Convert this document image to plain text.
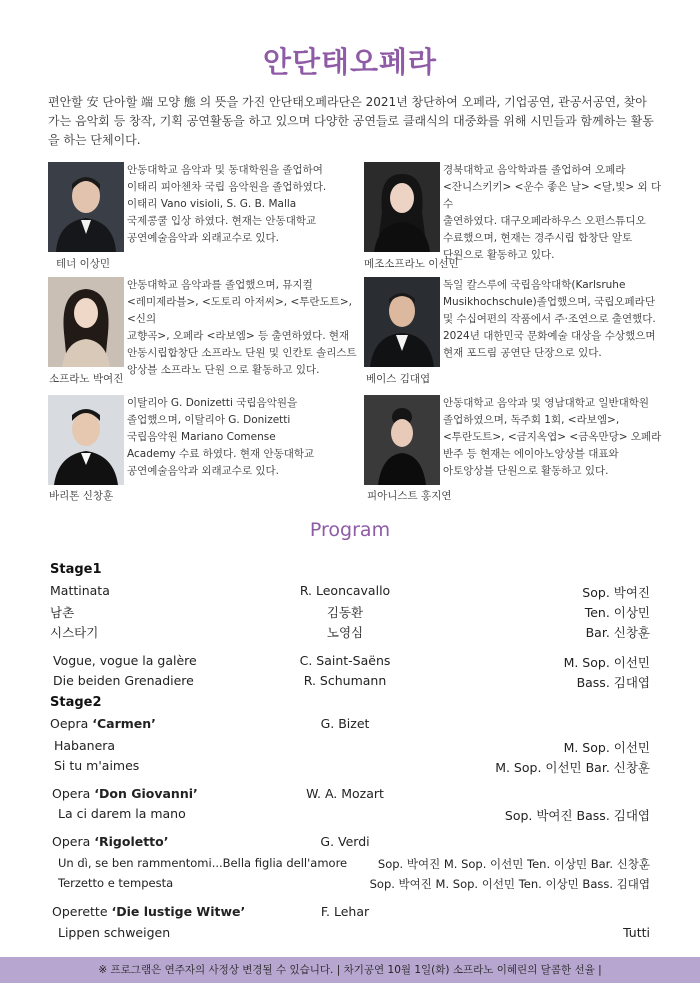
안단태오페라
편안할 安 단아할 端 모양 態 의 뜻을 가진 안단태오페라단은 2021년 창단하여 오페라, 기업공연, 관공서공연, 찾아가는 음악회 등 창작, 기획 공연활동을 하고 있으며 다양한 공연들로 클래식의 대중화를 위해 시민들과 함께하는 활동을 하는 단체이다.
안동대학교 음악과 및 동대학원을 졸업하여
이태리 피아첸차 국립 음악원을 졸업하였다.
이태리 Vano visioli, S. G. B. Malla
국제콩쿨 입상 하였다. 현재는 안동대학교
공연예술음악과 외래교수로 있다.
테너 이상민
경북대학교 음악학과를 졸업하여 오페라
<잔니스키키> <운수 좋은 날> <달,빛> 외 다수
출연하였다. 대구오페라하우스 오펀스튜디오
수료했으며, 현재는 경주시립 합창단 알토
단원으로 활동하고 있다.
메조소프라노 이선민
안동대학교 음악과를 졸업했으며, 뮤지컬
<레미제라블>, <도토리 아저씨>, <투란도트>, <신의
교향곡>, 오페라 <라보엠> 등 출연하였다. 현재
안동시립합창단 소프라노 단원 및 인칸토 솔리스트
앙상블 소프라노 단원 으로 활동하고 있다.
소프라노 박여진
독일 칼스루에 국립음악대학(Karlsruhe
Musikhochschule)졸업했으며, 국립오페라단
및 수십여편의 작품에서 주·조연으로 출연했다.
2024년 대한민국 문화예술 대상을 수상했으며
현재 포드림 공연단 단장으로 있다.
베이스 김대엽
이탈리아 G. Donizetti 국립음악원을
졸업했으며, 이탈리아 G. Donizetti
국립음악원 Mariano Comense
Academy 수료 하였다. 현재 안동대학교
공연예술음악과 외래교수로 있다.
바리톤 신창훈
안동대학교 음악과 및 영남대학교 일반대학원
졸업하였으며, 독주회 1회, <라보엠>,
<투란도트>, <금지옥엽> <금옥만당> 오페라
반주 등 현재는 에이아노앙상블 대표와
아토앙상블 단원으로 활동하고 있다.
피아니스트 홍지연
Program
Stage1
Mattinata	R. Leoncavallo	Sop. 박여진
남촌	김동환	Ten. 이상민
시스타기	노영심	Bar. 신창훈
Vogue, vogue la galère	C. Saint-Saëns	M. Sop. 이선민
Die beiden Grenadiere	R. Schumann	Bass. 김대엽
Stage2
Oepra ‘Carmen’	G. Bizet
Habanera	M. Sop. 이선민
Si tu m'aimes	M. Sop. 이선민 Bar. 신창훈
Opera ‘Don Giovanni’	W. A. Mozart
La ci darem la mano	Sop. 박여진 Bass. 김대엽
Opera ‘Rigoletto’	G. Verdi
Un dì, se ben rammentomi...Bella figlia dell'amore	Sop. 박여진 M. Sop. 이선민 Ten. 이상민 Bar. 신창훈
Terzetto e tempesta	Sop. 박여진 M. Sop. 이선민 Ten. 이상민 Bass. 김대엽
Operette ‘Die lustige Witwe’	F. Lehar
Lippen schweigen	Tutti
※ 프로그램은 연주자의 사정상 변경될 수 있습니다. | 차기공연 10월 1일(화) 소프라노 이혜린의 달콤한 선율 |
